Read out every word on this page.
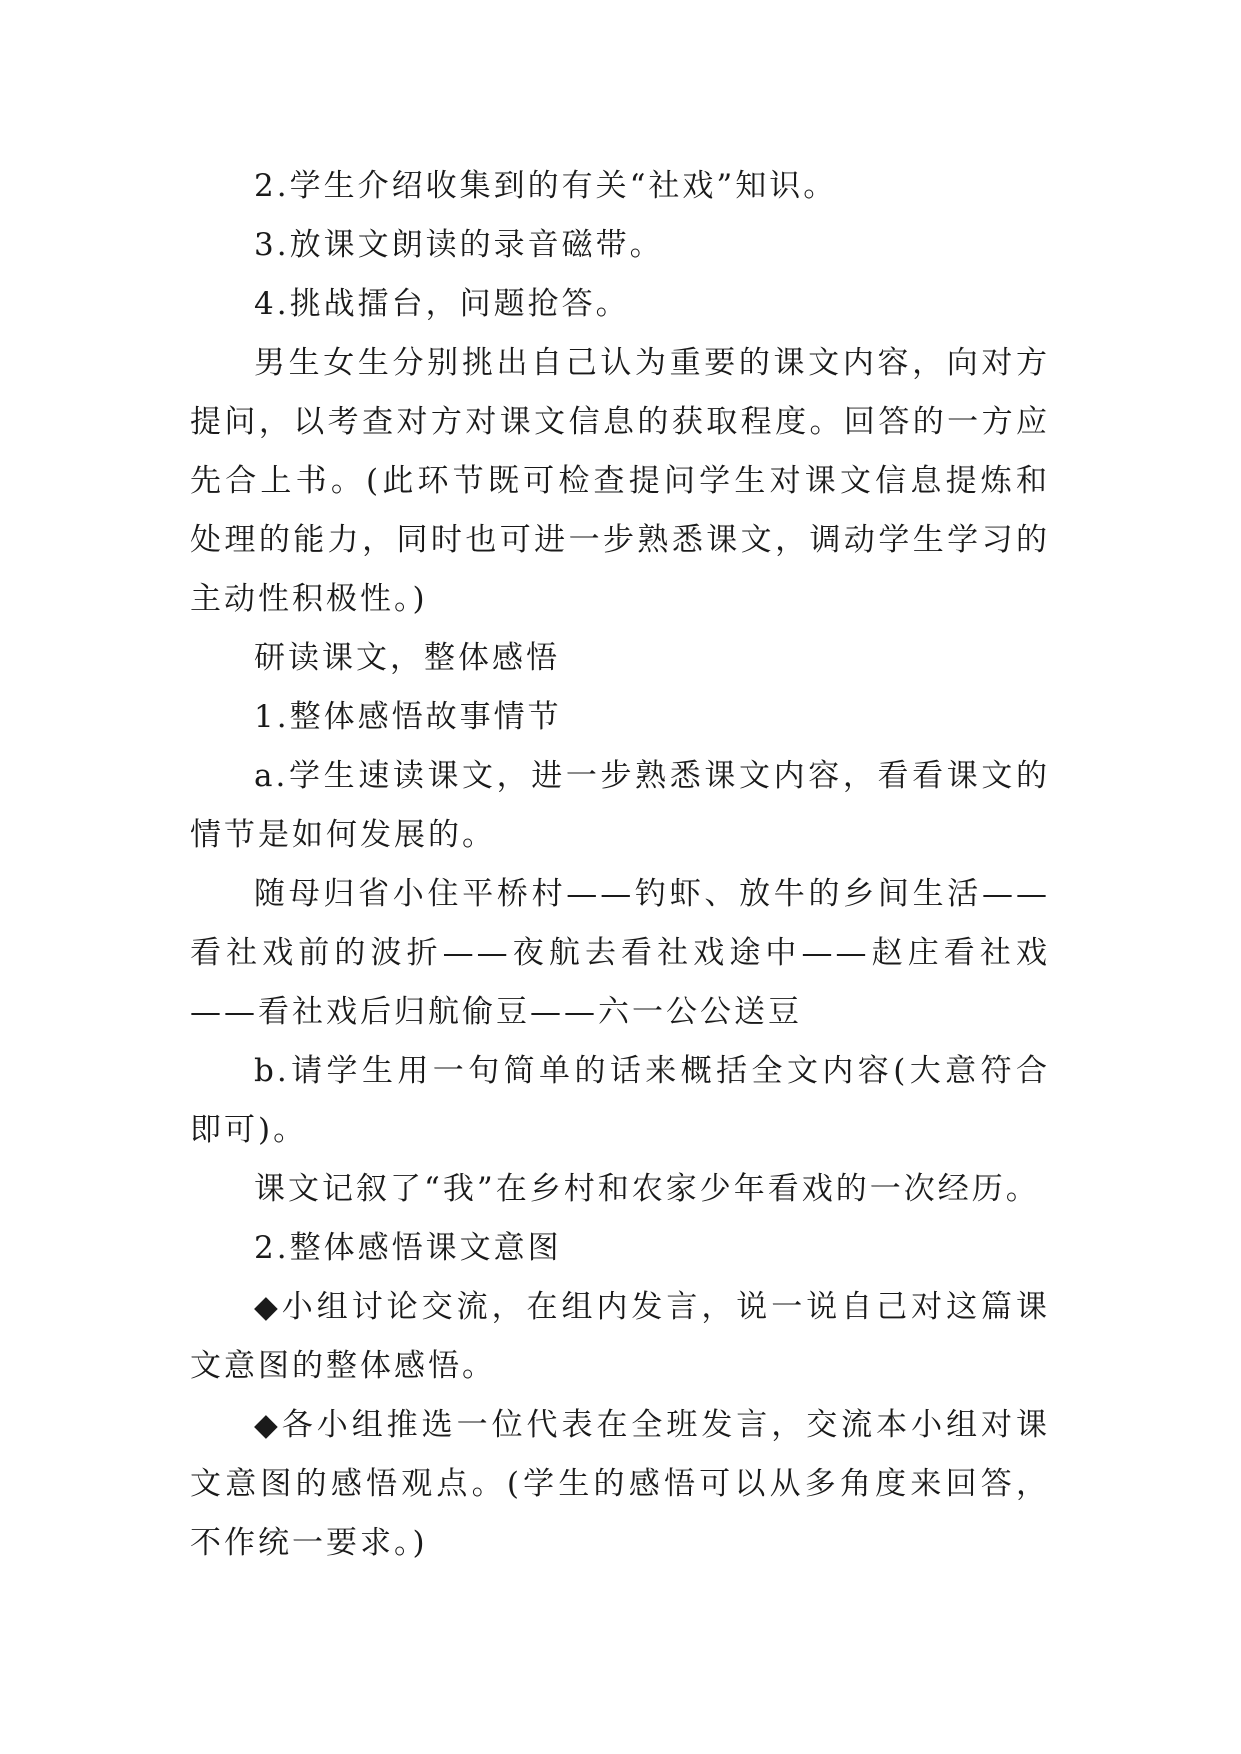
2.学生介绍收集到的有关“社戏”知识。

3.放课文朗读的录音磁带。

4.挑战擂台，问题抢答。

男生女生分别挑出自己认为重要的课文内容，向对方提问，以考查对方对课文信息的获取程度。回答的一方应先合上书。(此环节既可检查提问学生对课文信息提炼和处理的能力，同时也可进一步熟悉课文，调动学生学习的主动性积极性。)

研读课文，整体感悟

1.整体感悟故事情节

a.学生速读课文，进一步熟悉课文内容，看看课文的情节是如何发展的。

随母归省小住平桥村——钓虾、放牛的乡间生活——看社戏前的波折——夜航去看社戏途中——赵庄看社戏——看社戏后归航偷豆——六一公公送豆

b.请学生用一句简单的话来概括全文内容(大意符合即可)。

课文记叙了“我”在乡村和农家少年看戏的一次经历。

2.整体感悟课文意图

◆小组讨论交流，在组内发言，说一说自己对这篇课文意图的整体感悟。

◆各小组推选一位代表在全班发言，交流本小组对课文意图的感悟观点。(学生的感悟可以从多角度来回答，不作统一要求。)
